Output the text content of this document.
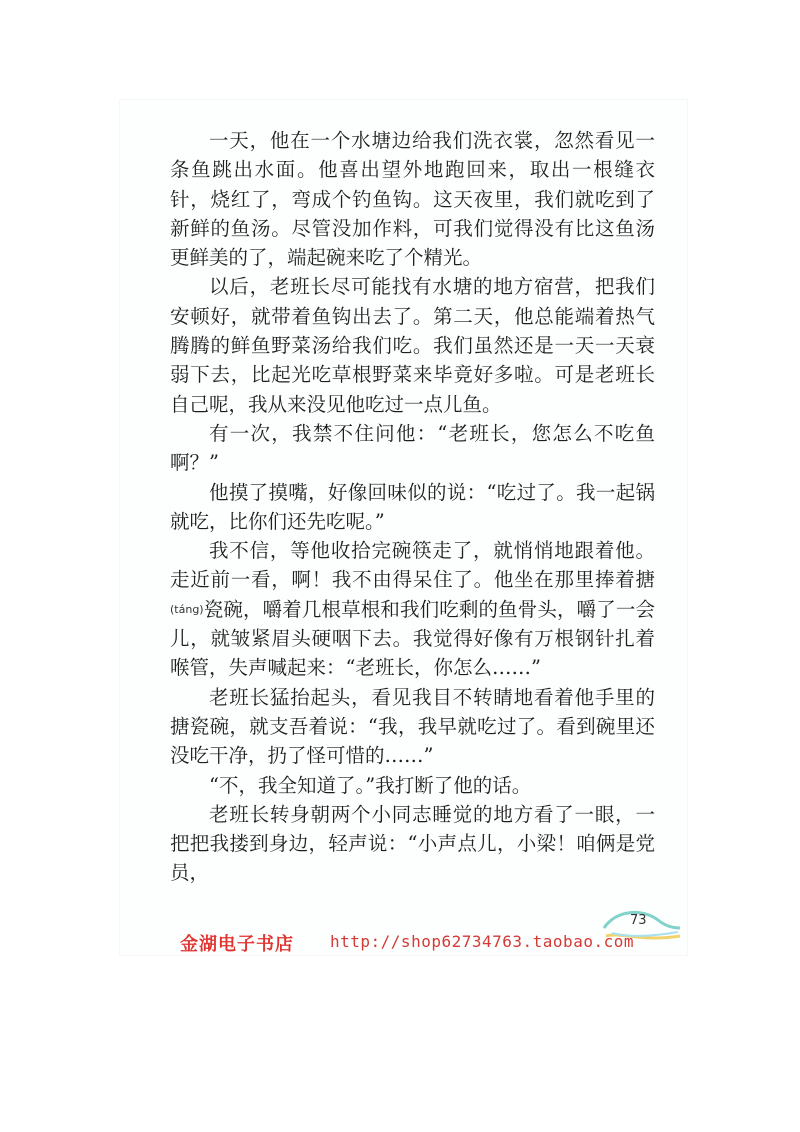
一天，他在一个水塘边给我们洗衣裳，忽然看见一条鱼跳出水面。他喜出望外地跑回来，取出一根缝衣针，烧红了，弯成个钓鱼钩。这天夜里，我们就吃到了新鲜的鱼汤。尽管没加作料，可我们觉得没有比这鱼汤更鲜美的了，端起碗来吃了个精光。

以后，老班长尽可能找有水塘的地方宿营，把我们安顿好，就带着鱼钩出去了。第二天，他总能端着热气腾腾的鲜鱼野菜汤给我们吃。我们虽然还是一天一天衰弱下去，比起光吃草根野菜来毕竟好多啦。可是老班长自己呢，我从来没见他吃过一点儿鱼。

有一次，我禁不住问他：“老班长，您怎么不吃鱼啊？”

他摸了摸嘴，好像回味似的说：“吃过了。我一起锅就吃，比你们还先吃呢。”

我不信，等他收拾完碗筷走了，就悄悄地跟着他。走近前一看，啊！我不由得呆住了。他坐在那里捧着搪(táng)瓷碗，嚼着几根草根和我们吃剩的鱼骨头，嚼了一会儿，就皱紧眉头硬咽下去。我觉得好像有万根钢针扎着喉管，失声喊起来：“老班长，你怎么……”

老班长猛抬起头，看见我目不转睛地看着他手里的搪瓷碗，就支吾着说：“我，我早就吃过了。看到碗里还没吃干净，扔了怪可惜的……”

“不，我全知道了。”我打断了他的话。

老班长转身朝两个小同志睡觉的地方看了一眼，一把把我搂到身边，轻声说：“小声点儿，小梁！咱俩是党员，

73
金湖电子书店 http://shop62734763.taobao.com
